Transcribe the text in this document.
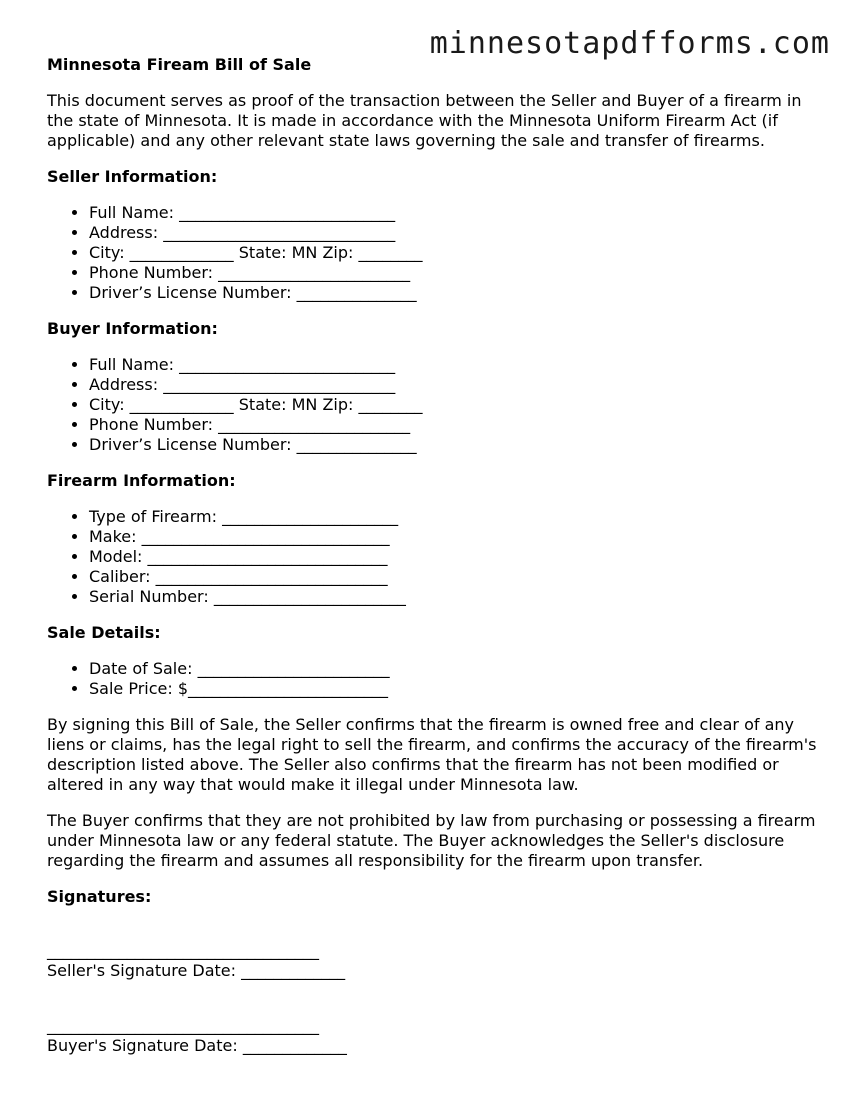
minnesotapdfforms.com
Minnesota Fiream Bill of Sale

This document serves as proof of the transaction between the Seller and Buyer of a firearm in the state of Minnesota. It is made in accordance with the Minnesota Uniform Firearm Act (if applicable) and any other relevant state laws governing the sale and transfer of firearms.

Seller Information:
• Full Name: ___________________________
• Address: _____________________________
• City: _____________ State: MN Zip: ________
• Phone Number: ________________________
• Driver’s License Number: _______________
Buyer Information:
• Full Name: ___________________________
• Address: _____________________________
• City: _____________ State: MN Zip: ________
• Phone Number: ________________________
• Driver’s License Number: _______________
Firearm Information:
• Type of Firearm: ______________________
• Make: _______________________________
• Model: ______________________________
• Caliber: _____________________________
• Serial Number: ________________________
Sale Details:
• Date of Sale: ________________________
• Sale Price: $_________________________

By signing this Bill of Sale, the Seller confirms that the firearm is owned free and clear of any liens or claims, has the legal right to sell the firearm, and confirms the accuracy of the firearm's description listed above. The Seller also confirms that the firearm has not been modified or altered in any way that would make it illegal under Minnesota law.

The Buyer confirms that they are not prohibited by law from purchasing or possessing a firearm under Minnesota law or any federal statute. The Buyer acknowledges the Seller's disclosure regarding the firearm and assumes all responsibility for the firearm upon transfer.

Signatures:
__________________________________
Seller's Signature Date: _____________
__________________________________
Buyer's Signature Date: _____________
